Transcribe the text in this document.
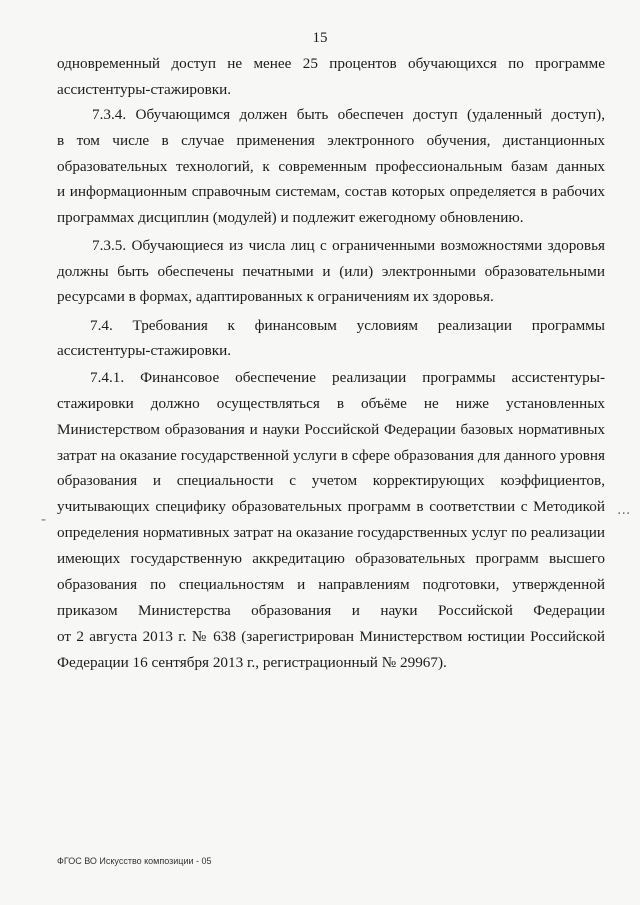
15
одновременный доступ не менее 25 процентов обучающихся по программе
ассистентуры-стажировки.
7.3.4. Обучающимся должен быть обеспечен доступ (удаленный доступ),
в том числе в случае применения электронного обучения, дистанционных
образовательных технологий, к современным профессиональным базам данных
и информационным справочным системам, состав которых определяется в рабочих
программах дисциплин (модулей) и подлежит ежегодному обновлению.
7.3.5. Обучающиеся из числа лиц с ограниченными возможностями здоровья
должны быть обеспечены печатными и (или) электронными образовательными
ресурсами в формах, адаптированных к ограничениям их здоровья.
7.4. Требования к финансовым условиям реализации программы
ассистентуры-стажировки.
7.4.1. Финансовое обеспечение реализации программы ассистентуры-
стажировки должно осуществляться в объёме не ниже установленных
Министерством образования и науки Российской Федерации базовых нормативных
затрат на оказание государственной услуги в сфере образования для данного уровня
образования и специальности с учетом корректирующих коэффициентов,
учитывающих специфику образовательных программ в соответствии с Методикой
определения нормативных затрат на оказание государственных услуг по реализации
имеющих государственную аккредитацию образовательных программ высшего
образования по специальностям и направлениям подготовки, утвержденной
приказом Министерства образования и науки Российской Федерации
от 2 августа 2013 г. № 638 (зарегистрирован Министерством юстиции Российской
Федерации 16 сентября 2013 г., регистрационный № 29967).
-
...
ФГОС ВО Искусство композиции - 05
